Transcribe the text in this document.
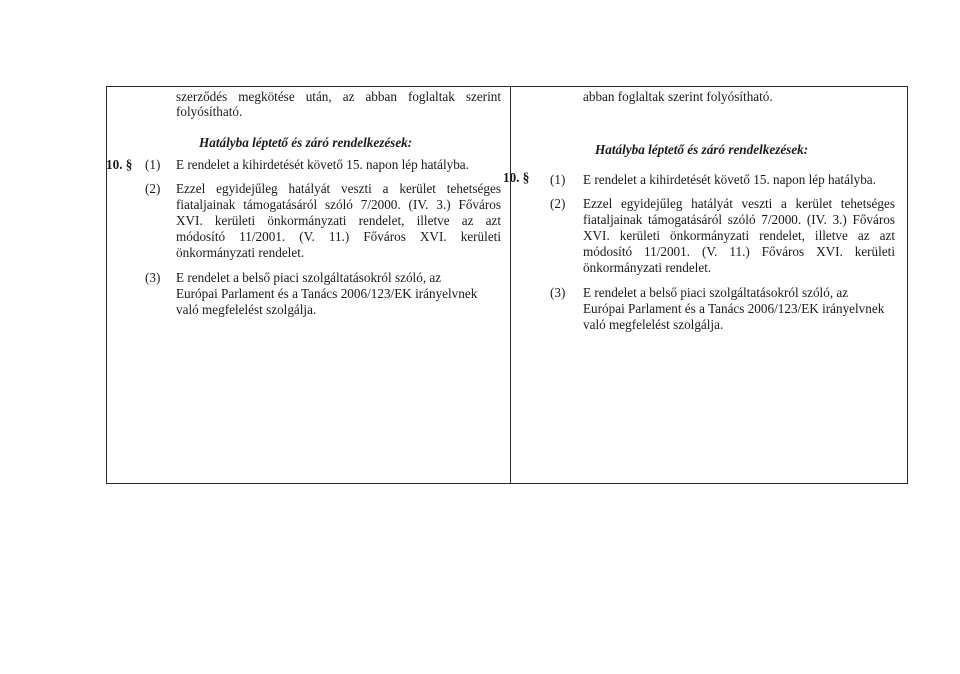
szerződés megkötése után, az abban foglaltak szerint
folyósítható.
Hatályba léptető és záró rendelkezések:
10. § (1) E rendelet a kihirdetését követő 15. napon lép hatályba.
(2) Ezzel egyidejűleg hatályát veszti a kerület tehetséges
fiataljainak támogatásáról szóló 7/2000. (IV. 3.) Főváros
XVI. kerületi önkormányzati rendelet, illetve az azt
módosító 11/2001. (V. 11.) Főváros XVI. kerületi
önkormányzati rendelet.
(3) E rendelet a belső piaci szolgáltatásokról szóló, az
Európai Parlament és a Tanács 2006/123/EK irányelvnek
való megfelelést szolgálja.
abban foglaltak szerint folyósítható.
Hatályba léptető és záró rendelkezések:
10. § (1) E rendelet a kihirdetését követő 15. napon lép hatályba.
(2) Ezzel egyidejűleg hatályát veszti a kerület tehetséges
fiataljainak támogatásáról szóló 7/2000. (IV. 3.) Főváros
XVI. kerületi önkormányzati rendelet, illetve az azt
módosító 11/2001. (V. 11.) Főváros XVI. kerületi
önkormányzati rendelet.
(3) E rendelet a belső piaci szolgáltatásokról szóló, az
Európai Parlament és a Tanács 2006/123/EK irányelvnek
való megfelelést szolgálja.
